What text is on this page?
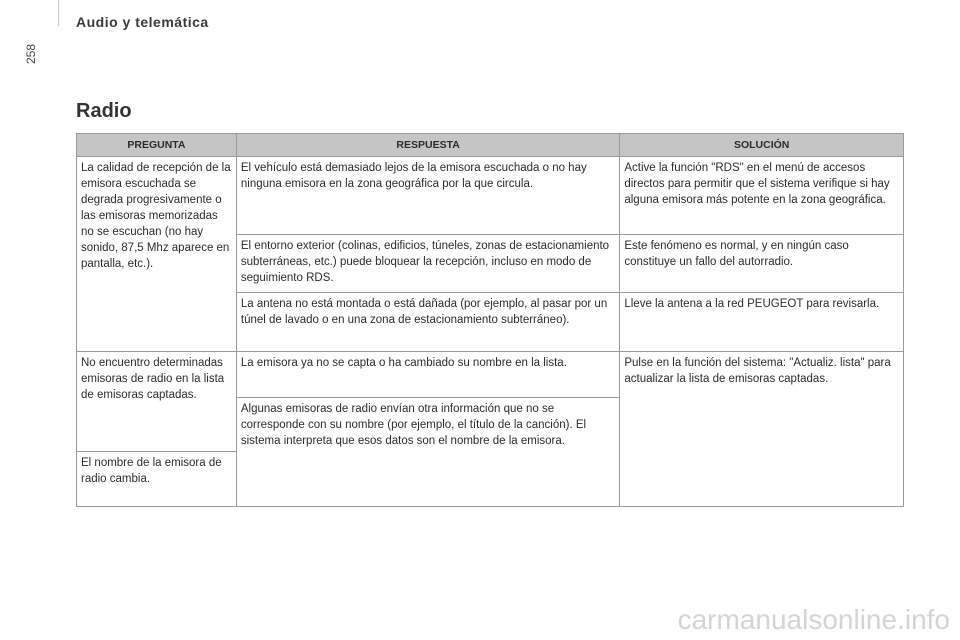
Audio y telemática
258
Radio
PREGUNTA	RESPUESTA	SOLUCIÓN
La calidad de recepción de la emisora escuchada se degrada progresivamente o las emisoras memorizadas no se escuchan (no hay sonido, 87,5 Mhz aparece en pantalla, etc.).	El vehículo está demasiado lejos de la emisora escuchada o no hay ninguna emisora en la zona geográfica por la que circula.	Active la función "RDS" en el menú de accesos directos para permitir que el sistema verifique si hay alguna emisora más potente en la zona geográfica.
	El entorno exterior (colinas, edificios, túneles, zonas de estacionamiento subterráneas, etc.) puede bloquear la recepción, incluso en modo de seguimiento RDS.	Este fenómeno es normal, y en ningún caso constituye un fallo del autorradio.
	La antena no está montada o está dañada (por ejemplo, al pasar por un túnel de lavado o en una zona de estacionamiento subterráneo).	Lleve la antena a la red PEUGEOT para revisarla.
No encuentro determinadas emisoras de radio en la lista de emisoras captadas.	La emisora ya no se capta o ha cambiado su nombre en la lista.	Pulse en la función del sistema: "Actualiz. lista" para actualizar la lista de emisoras captadas.
	Algunas emisoras de radio envían otra información que no se corresponde con su nombre (por ejemplo, el título de la canción). El sistema interpreta que esos datos son el nombre de la emisora.	
El nombre de la emisora de radio cambia.		
carmanualsonline.info
